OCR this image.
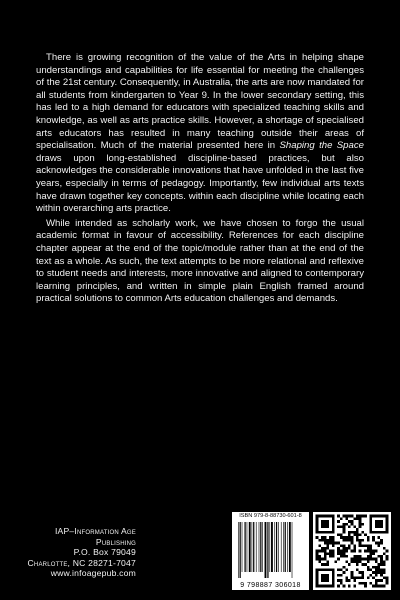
There is growing recognition of the value of the Arts in helping shape understandings and capabilities for life essential for meeting the challenges of the 21st century. Consequently, in Australia, the arts are now mandated for all students from kindergarten to Year 9. In the lower secondary setting, this has led to a high demand for educators with specialized teaching skills and knowledge, as well as arts practice skills. However, a shortage of specialised arts educators has resulted in many teaching outside their areas of specialisation. Much of the material presented here in Shaping the Space draws upon long-established discipline-based practices, but also acknowledges the considerable innovations that have unfolded in the last five years, especially in terms of pedagogy. Importantly, few individual arts texts have drawn together key concepts. within each discipline while locating each within overarching arts practice.

While intended as scholarly work, we have chosen to forgo the usual academic format in favour of accessibility. References for each discipline chapter appear at the end of the topic/module rather than at the end of the text as a whole. As such, the text attempts to be more relational and reflexive to student needs and interests, more innovative and aligned to contemporary learning principles, and written in simple plain English framed around practical solutions to common Arts education challenges and demands.

IAP–Information Age Publishing
P.O. Box 79049
Charlotte, NC 28271-7047
www.infoagepub.com
ISBN 979-8-88730-601-8
9 798887 306018
